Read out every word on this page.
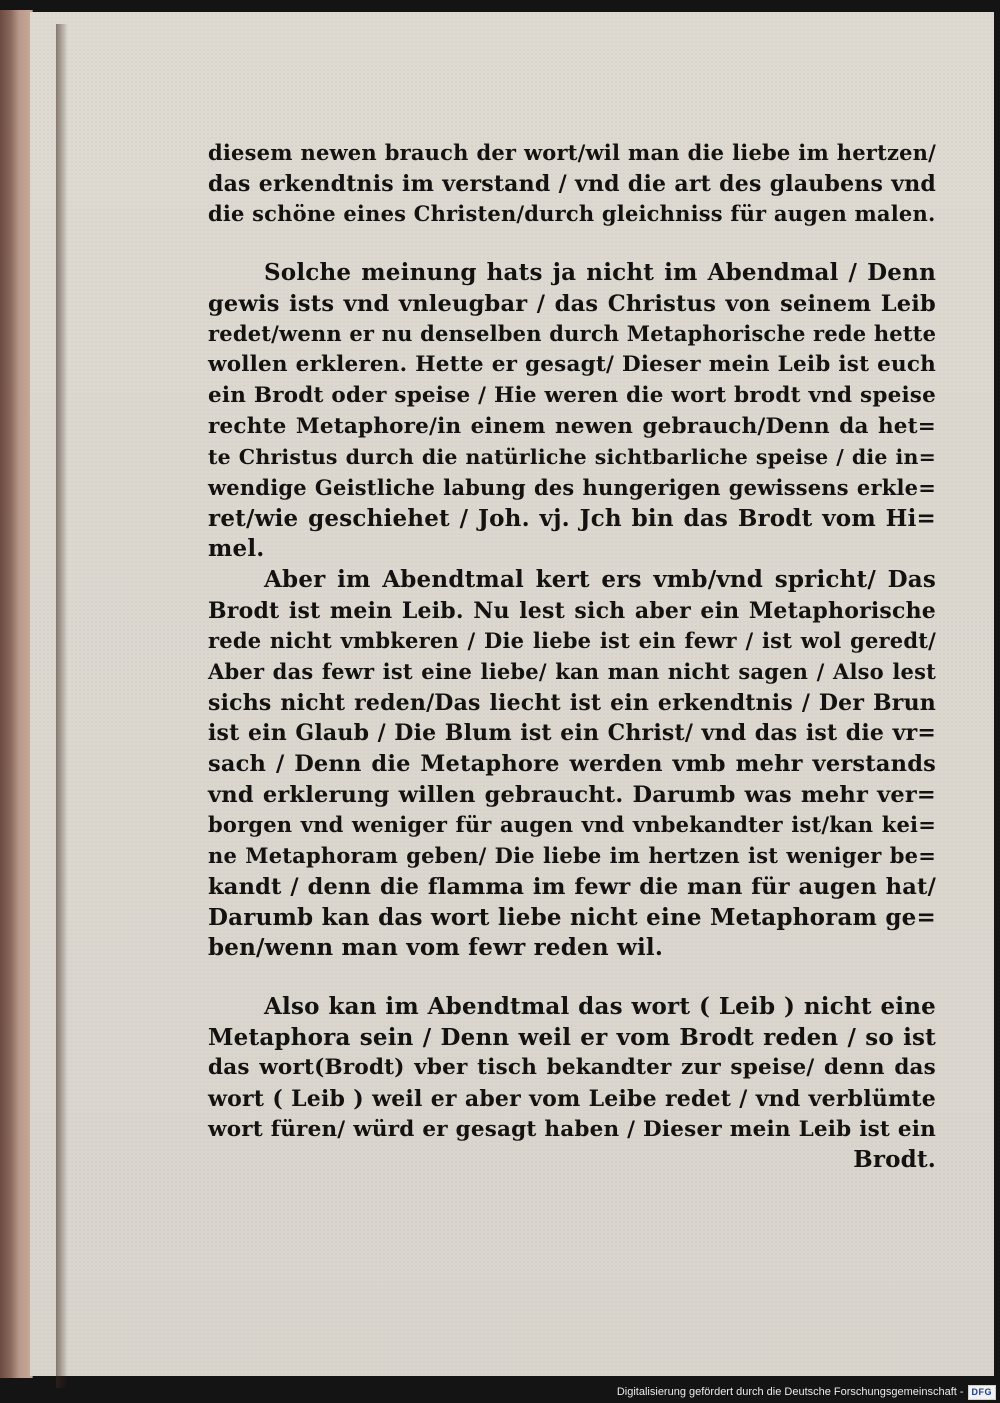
diesem newen brauch der wort/wil man die liebe im hertzen/
das erkendtnis im verstand / vnd die art des glaubens vnd
die schöne eines Christen/durch gleichniss für augen malen.
Solche meinung hats ja nicht im Abendmal / Denn
gewis ists vnd vnleugbar / das Christus von seinem Leib
redet/wenn er nu denselben durch Metaphorische rede hette
wollen erkleren. Hette er gesagt/ Dieser mein Leib ist euch
ein Brodt oder speise / Hie weren die wort brodt vnd speise
rechte Metaphore/in einem newen gebrauch/Denn da het=
te Christus durch die natürliche sichtbarliche speise / die in=
wendige Geistliche labung des hungerigen gewissens erkle=
ret/wie geschiehet / Joh. vj. Jch bin das Brodt vom Hi=
mel.
Aber im Abendtmal kert ers vmb/vnd spricht/ Das
Brodt ist mein Leib. Nu lest sich aber ein Metaphorische
rede nicht vmbkeren / Die liebe ist ein fewr / ist wol geredt/
Aber das fewr ist eine liebe/ kan man nicht sagen / Also lest
sichs nicht reden/Das liecht ist ein erkendtnis / Der Brun
ist ein Glaub / Die Blum ist ein Christ/ vnd das ist die vr=
sach / Denn die Metaphore werden vmb mehr verstands
vnd erklerung willen gebraucht. Darumb was mehr ver=
borgen vnd weniger für augen vnd vnbekandter ist/kan kei=
ne Metaphoram geben/ Die liebe im hertzen ist weniger be=
kandt / denn die flamma im fewr die man für augen hat/
Darumb kan das wort liebe nicht eine Metaphoram ge=
ben/wenn man vom fewr reden wil.
Also kan im Abendtmal das wort ( Leib ) nicht eine
Metaphora sein / Denn weil er vom Brodt reden / so ist
das wort(Brodt) vber tisch bekandter zur speise/ denn das
wort ( Leib ) weil er aber vom Leibe redet / vnd verblümte
wort füren/ würd er gesagt haben / Dieser mein Leib ist ein
Brodt.
Digitalisierung gefördert durch die Deutsche Forschungsgemeinschaft - DFG
